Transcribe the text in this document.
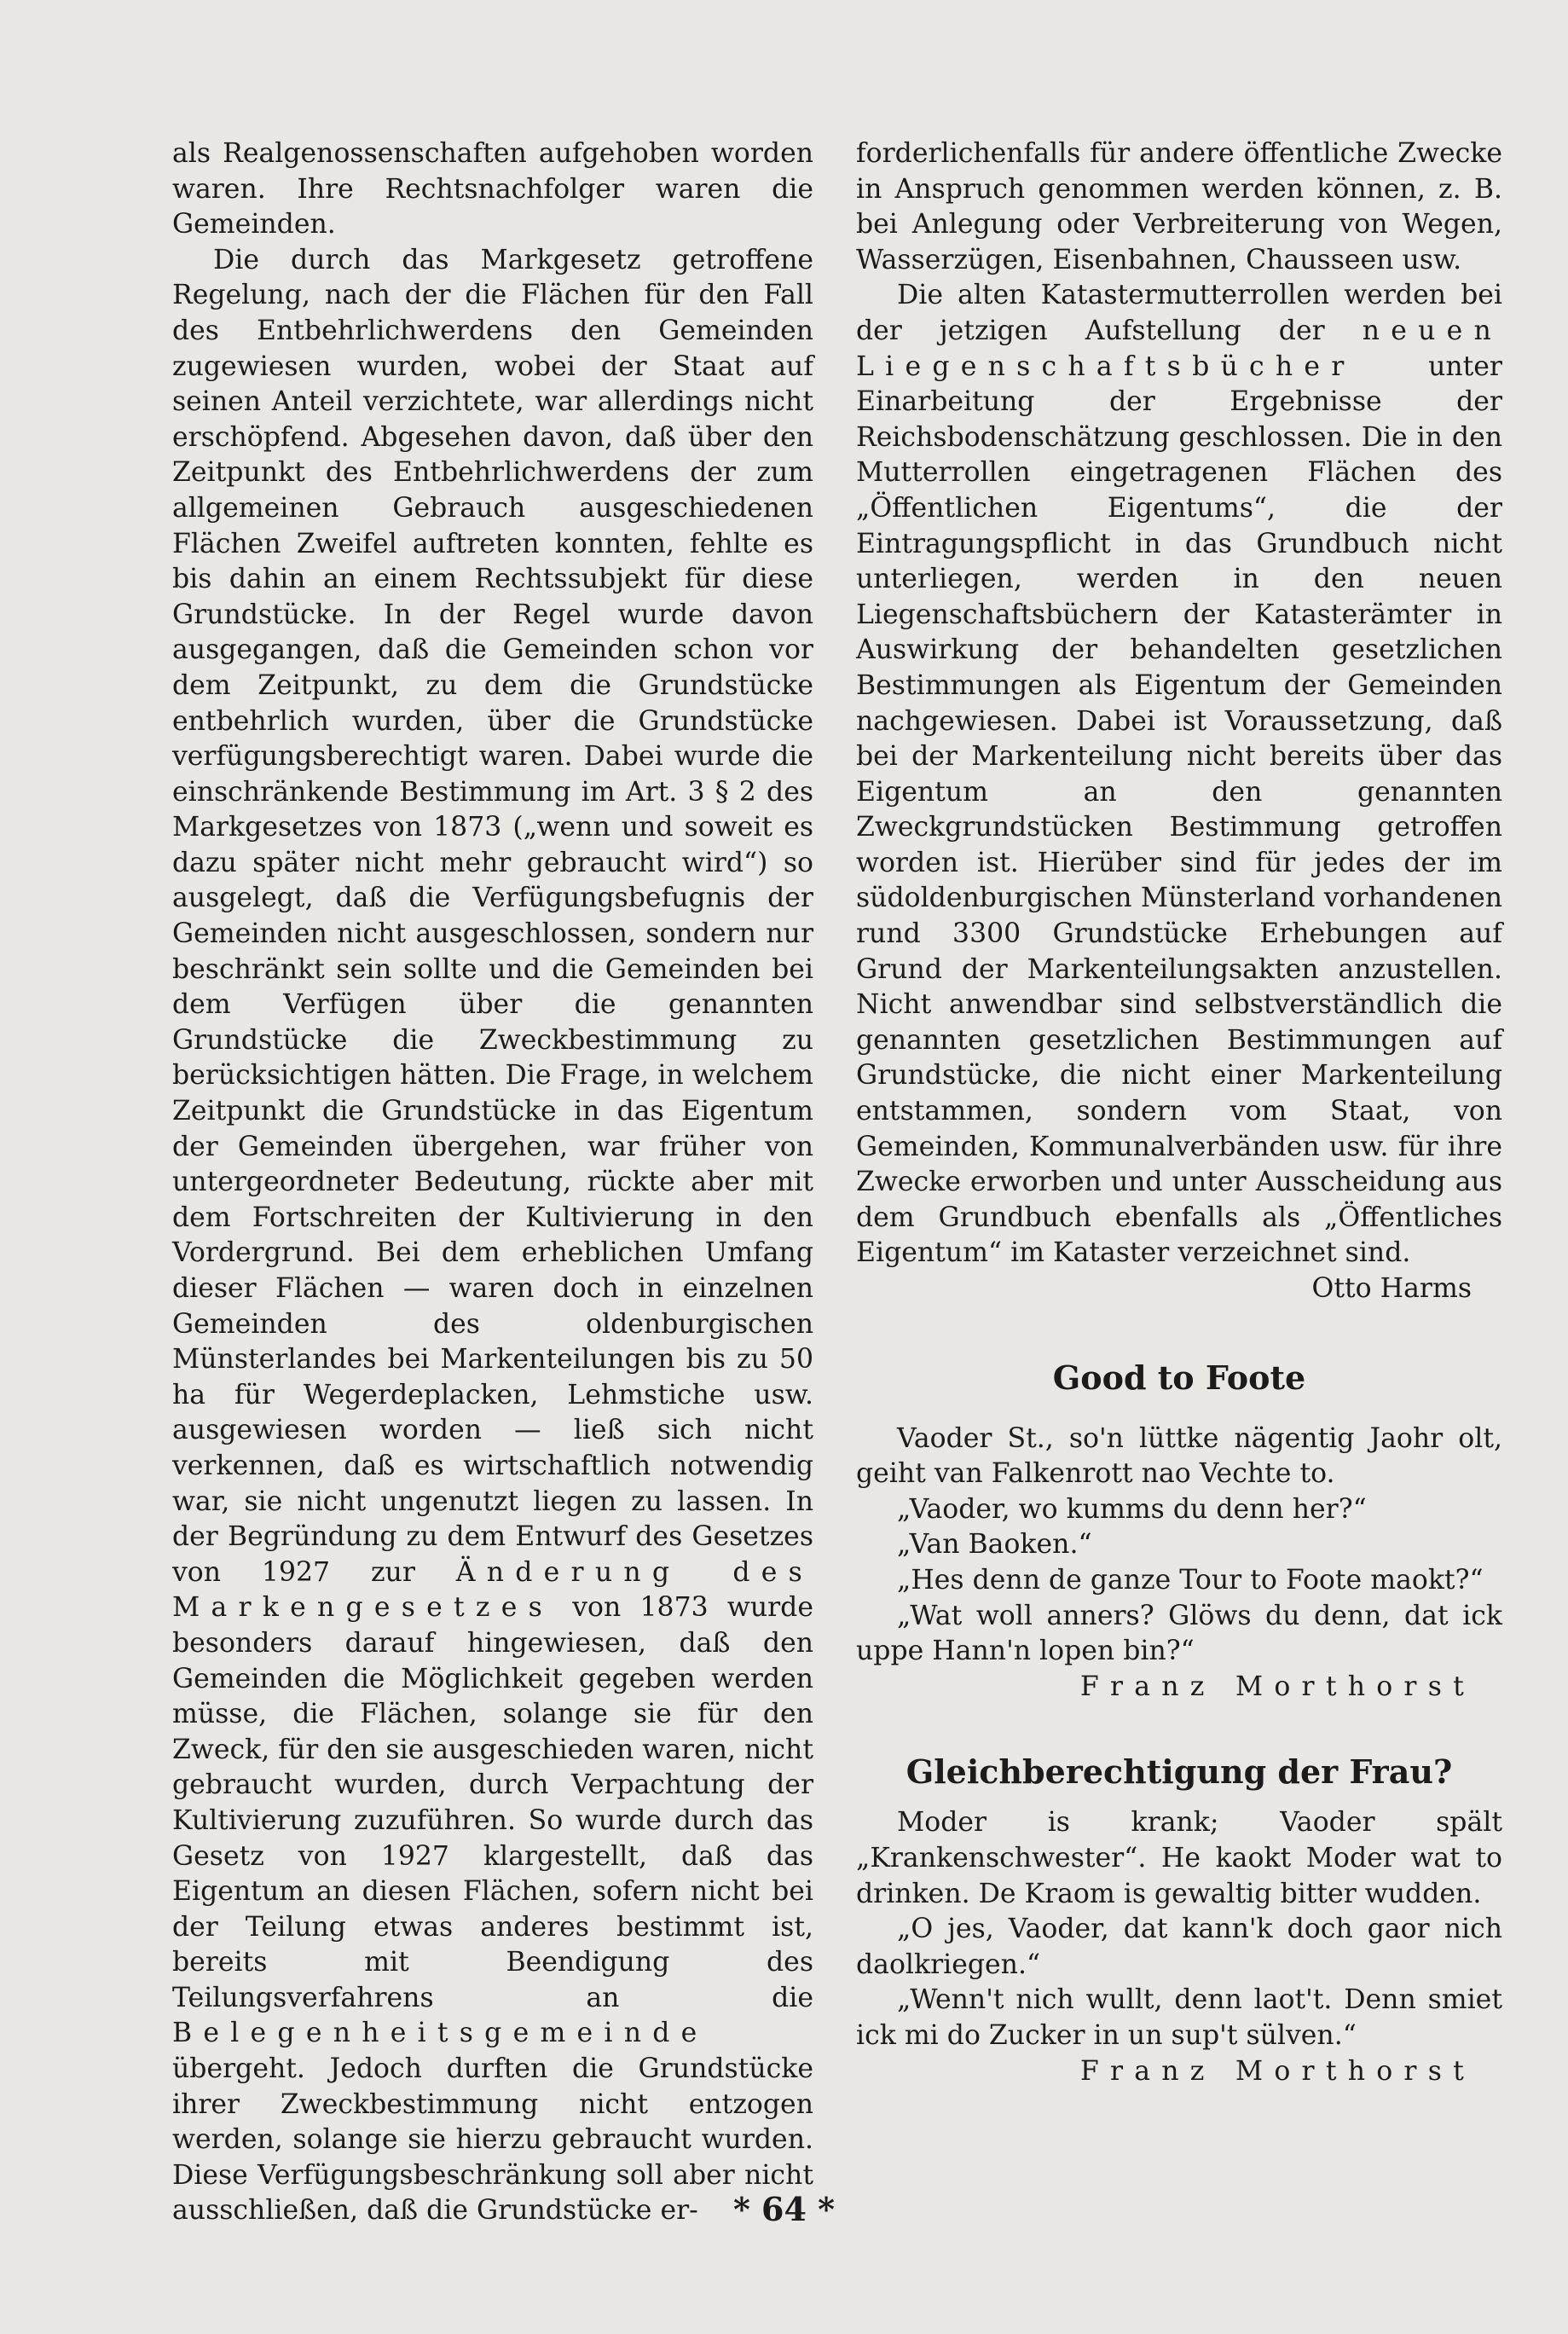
als Realgenossenschaften aufgehoben worden waren. Ihre Rechtsnachfolger waren die Gemeinden.

Die durch das Markgesetz getroffene Regelung, nach der die Flächen für den Fall des Entbehrlichwerdens den Gemeinden zugewiesen wurden, wobei der Staat auf seinen Anteil verzichtete, war allerdings nicht erschöpfend. Abgesehen davon, daß über den Zeitpunkt des Entbehrlichwerdens der zum allgemeinen Gebrauch ausgeschiedenen Flächen Zweifel auftreten konnten, fehlte es bis dahin an einem Rechtssubjekt für diese Grundstücke. In der Regel wurde davon ausgegangen, daß die Gemeinden schon vor dem Zeitpunkt, zu dem die Grundstücke entbehrlich wurden, über die Grundstücke verfügungsberechtigt waren. Dabei wurde die einschränkende Bestimmung im Art. 3 § 2 des Markgesetzes von 1873 („wenn und soweit es dazu später nicht mehr gebraucht wird“) so ausgelegt, daß die Verfügungsbefugnis der Gemeinden nicht ausgeschlossen, sondern nur beschränkt sein sollte und die Gemeinden bei dem Verfügen über die genannten Grundstücke die Zweckbestimmung zu berücksichtigen hätten. Die Frage, in welchem Zeitpunkt die Grundstücke in das Eigentum der Gemeinden übergehen, war früher von untergeordneter Bedeutung, rückte aber mit dem Fortschreiten der Kultivierung in den Vordergrund. Bei dem erheblichen Umfang dieser Flächen — waren doch in einzelnen Gemeinden des oldenburgischen Münsterlandes bei Markenteilungen bis zu 50 ha für Wegerdeplacken, Lehmstiche usw. ausgewiesen worden — ließ sich nicht verkennen, daß es wirtschaftlich notwendig war, sie nicht ungenutzt liegen zu lassen. In der Begründung zu dem Entwurf des Gesetzes von 1927 zur Änderung des Markengesetzes von 1873 wurde besonders darauf hingewiesen, daß den Gemeinden die Möglichkeit gegeben werden müsse, die Flächen, solange sie für den Zweck, für den sie ausgeschieden waren, nicht gebraucht wurden, durch Verpachtung der Kultivierung zuzuführen. So wurde durch das Gesetz von 1927 klargestellt, daß das Eigentum an diesen Flächen, sofern nicht bei der Teilung etwas anderes bestimmt ist, bereits mit Beendigung des Teilungsverfahrens an die Belegenheitsgemeinde übergeht. Jedoch durften die Grundstücke ihrer Zweckbestimmung nicht entzogen werden, solange sie hierzu gebraucht wurden. Diese Verfügungsbeschränkung soll aber nicht ausschließen, daß die Grundstücke er-

forderlichenfalls für andere öffentliche Zwecke in Anspruch genommen werden können, z. B. bei Anlegung oder Verbreiterung von Wegen, Wasserzügen, Eisenbahnen, Chausseen usw.

Die alten Katastermutterrollen werden bei der jetzigen Aufstellung der neuen Liegenschaftsbücher	unter Einarbeitung der Ergebnisse der Reichsbodenschätzung geschlossen. Die in den Mutterrollen eingetragenen Flächen des „Öffentlichen Eigentums“, die der Eintragungspflicht in das Grundbuch nicht unterliegen, werden in den neuen Liegenschaftsbüchern der Katasterämter in Auswirkung der behandelten gesetzlichen Bestimmungen als Eigentum der Gemeinden nachgewiesen. Dabei ist Voraussetzung, daß bei der Markenteilung nicht bereits über das Eigentum an den genannten Zweckgrundstücken Bestimmung getroffen worden ist. Hierüber sind für jedes der im südoldenburgischen Münsterland vorhandenen rund 3300 Grundstücke Erhebungen auf Grund der Markenteilungsakten anzustellen. Nicht anwendbar sind selbstverständlich die genannten gesetzlichen Bestimmungen auf Grundstücke, die nicht einer Markenteilung entstammen, sondern vom Staat, von Gemeinden, Kommunalverbänden usw. für ihre Zwecke erworben und unter Ausscheidung aus dem Grundbuch ebenfalls als „Öffentliches Eigentum“ im Kataster verzeichnet sind.

Otto Harms

Good to Foote

Vaoder St., so'n lüttke nägentig Jaohr olt, geiht van Falkenrott nao Vechte to.

„Vaoder, wo kumms du denn her?“

„Van Baoken.“

„Hes denn de ganze Tour to Foote maokt?“

„Wat woll anners? Glöws du denn, dat ick uppe Hann'n lopen bin?“

Franz Morthorst

Gleichberechtigung der Frau?

Moder is krank; Vaoder spält „Krankenschwester“. He kaokt Moder wat to drinken. De Kraom is gewaltig bitter wudden.

„O jes, Vaoder, dat kann'k doch gaor nich daolkriegen.“

„Wenn't nich wullt, denn laot't. Denn smiet ick mi do Zucker in un sup't sülven.“

Franz Morthorst

* 64 *
